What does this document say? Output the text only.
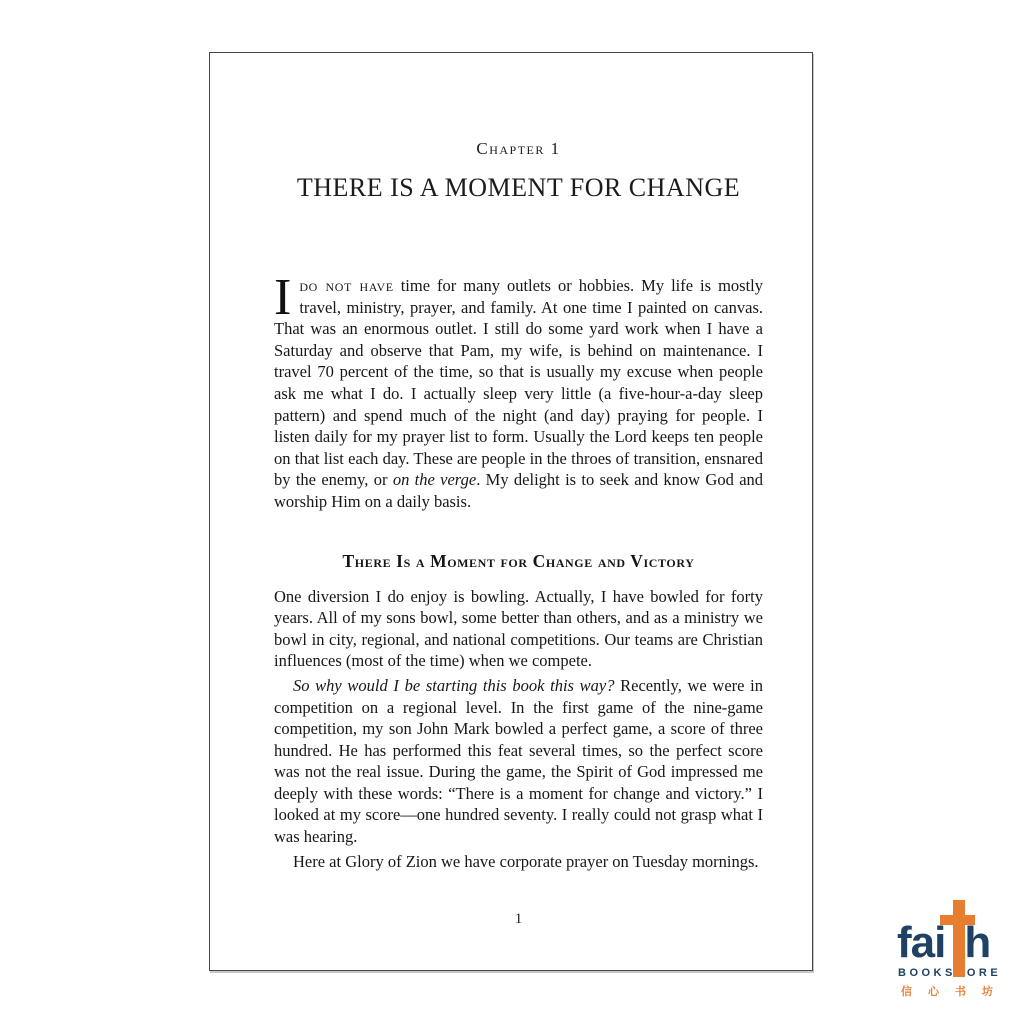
Chapter 1
THERE IS A MOMENT FOR CHANGE

Ido not have time for many outlets or hobbies. My life is mostly travel, ministry, prayer, and family. At one time I painted on canvas. That was an enormous outlet. I still do some yard work when I have a Saturday and observe that Pam, my wife, is behind on maintenance. I travel 70 percent of the time, so that is usually my excuse when people ask me what I do. I actually sleep very little (a five-hour-a-day sleep pattern) and spend much of the night (and day) praying for people. I listen daily for my prayer list to form. Usually the Lord keeps ten people on that list each day. These are people in the throes of transition, ensnared by the enemy, or on the verge. My delight is to seek and know God and worship Him on a daily basis.

There Is a Moment for Change and Victory

One diversion I do enjoy is bowling. Actually, I have bowled for forty years. All of my sons bowl, some better than others, and as a ministry we bowl in city, regional, and national competitions. Our teams are Christian influences (most of the time) when we compete.

So why would I be starting this book this way? Recently, we were in competition on a regional level. In the first game of the nine-game competition, my son John Mark bowled a perfect game, a score of three hundred. He has performed this feat several times, so the perfect score was not the real issue. During the game, the Spirit of God impressed me deeply with these words: “There is a moment for change and victory.” I looked at my score—one hundred seventy. I really could not grasp what I was hearing.

Here at Glory of Zion we have corporate prayer on Tuesday mornings.

1	fai h
BOOKS ORE
信 心 书 坊
